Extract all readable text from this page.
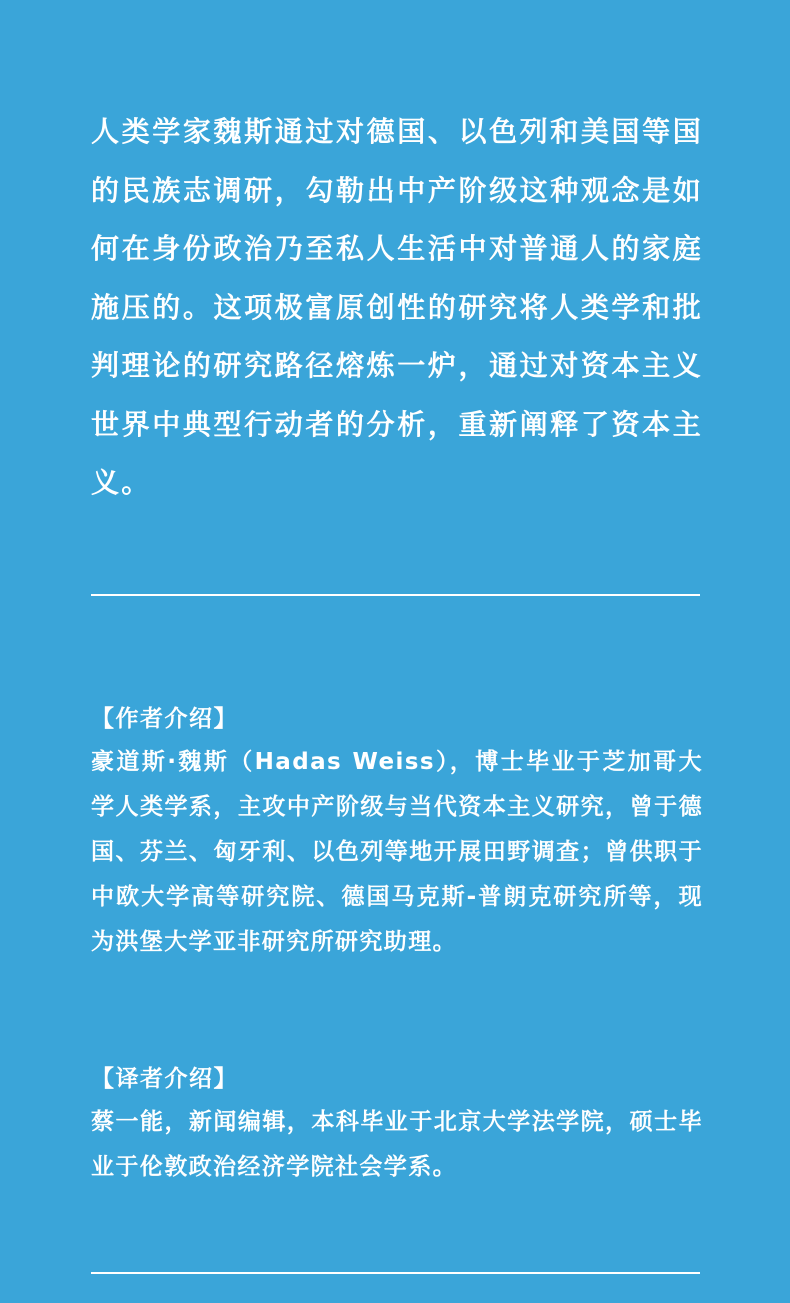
人类学家魏斯通过对德国、以色列和美国等国的民族志调研，勾勒出中产阶级这种观念是如何在身份政治乃至私人生活中对普通人的家庭施压的。这项极富原创性的研究将人类学和批判理论的研究路径熔炼一炉，通过对资本主义世界中典型行动者的分析，重新阐释了资本主义。

【作者介绍】

豪道斯·魏斯（Hadas Weiss），博士毕业于芝加哥大学人类学系，主攻中产阶级与当代资本主义研究，曾于德国、芬兰、匈牙利、以色列等地开展田野调查；曾供职于中欧大学高等研究院、德国马克斯-普朗克研究所等，现为洪堡大学亚非研究所研究助理。

【译者介绍】

蔡一能，新闻编辑，本科毕业于北京大学法学院，硕士毕业于伦敦政治经济学院社会学系。
